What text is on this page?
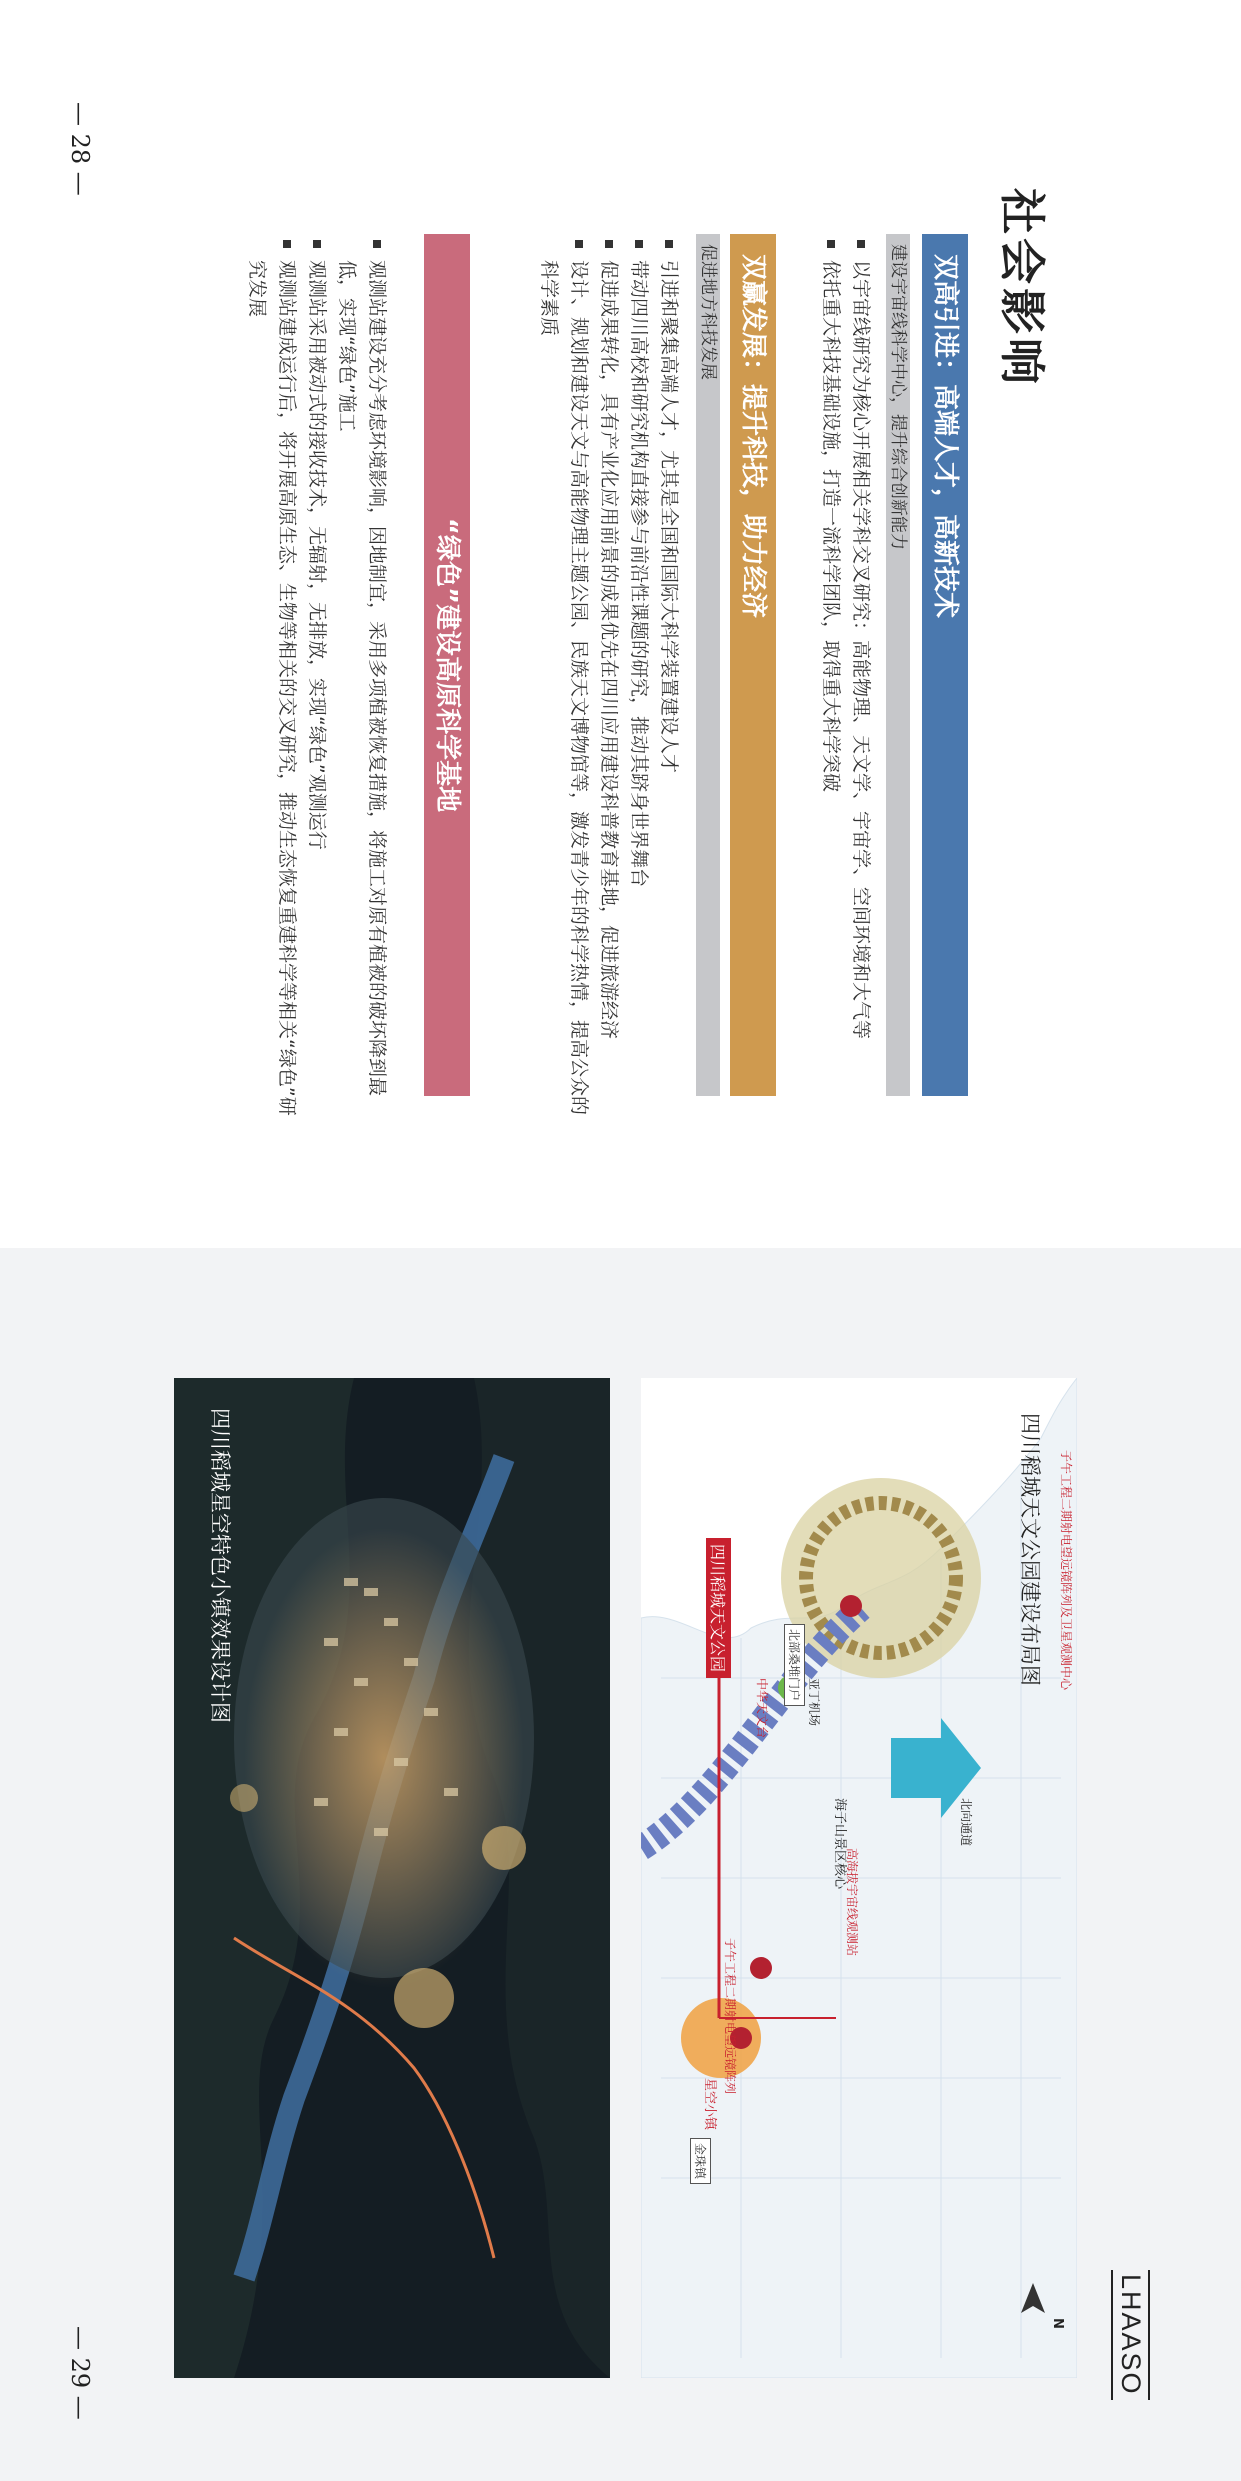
— 28 —
社会影响
双高引进：高端人才，高新技术
建设宇宙线科学中心，提升综合创新能力
以宇宙线研究为核心开展相关学科交叉研究：高能物理、天文学、宇宙学、空间环境和大气等
依托重大科技基础设施，打造一流科学团队，取得重大科学突破
双赢发展：提升科技，助力经济
促进地方科技发展
引进和聚集高端人才，尤其是全国和国际大科学装置建设人才
带动四川高校和研究机构直接参与前沿性课题的研究，推动其跻身世界舞台
促进成果转化，具有产业化应用前景的成果优先在四川应用建设科普教育基地，促进旅游经济
设计、规划和建设天文与高能物理主题公园、民族天文博物馆等，激发青少年的科学热情，提高公众的科学素质
“绿色”建设高原科学基地
观测站建设充分考虑环境影响，因地制宜，采用多项植被恢复措施，将施工对原有植被的破坏降到最低，实现“绿色”施工
观测站采用被动式的接收技术，无辐射，无排放，实现“绿色”观测运行
观测站建成运行后，将开展高原生态、生物等相关的交叉研究，推动生态恢复重建科学等相关“绿色”研究发展
— 29 —	LHAASO
子午工程二期射电望远镜阵列及卫星观测中心
四川稻城天文公园	北部桑堆门户
亚丁机场
海子山景区核心
高海拔宇宙线观测站
中华天文台
子午工程二期射电望远镜阵列
星空小镇
金珠镇
北向通道
N
四川稻城天文公园建设布局图
四川稻城星空特色小镇效果设计图
